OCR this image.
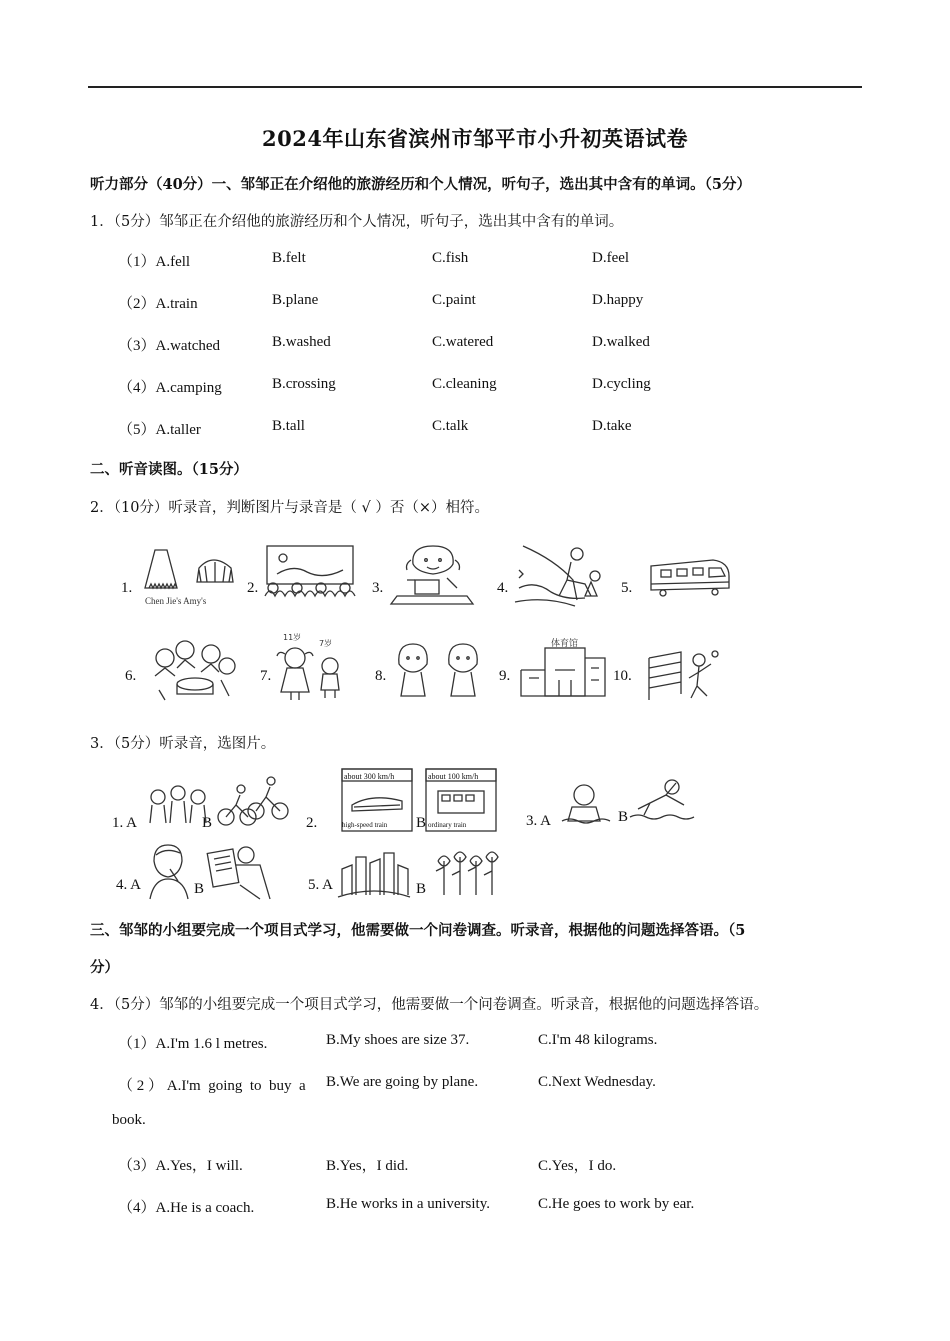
2024年山东省滨州市邹平市小升初英语试卷
听力部分（40分）一、邹邹正在介绍他的旅游经历和个人情况，听句子，选出其中含有的单词。（5分）
1．（5分）邹邹正在介绍他的旅游经历和个人情况，听句子，选出其中含有的单词。
（1）A.fell	B.felt	C.fish	D.feel
（2）A.train	B.plane	C.paint	D.happy
（3）A.watched	B.washed	C.watered	D.walked
（4）A.camping	B.crossing	C.cleaning	D.cycling
（5）A.taller	B.tall	C.talk	D.take
二、听音读图。（15分）
2．（10分）听录音，判断图片与录音是（ √ ）否（×）相符。
1.	2.	3.	4.	5.
Chen Jie's Amy's
6.	7.	8.	9.	10.
11岁
7岁	体育馆
3．（5分）听录音，选图片。
1. A	B	2.	B
about 300 km/h
high-speed train
about 100 km/h
ordinary train	3. A	B
4. A	B	5. A	B
三、邹邹的小组要完成一个项目式学习，他需要做一个问卷调查。听录音，根据他的问题选择答语。（5
分）
4．（5分）邹邹的小组要完成一个项目式学习，他需要做一个问卷调查。听录音，根据他的问题选择答语。
（1）A.I'm 1.6 l metres.	B.My shoes are size 37.	C.I'm 48 kilograms.
（ 2 ） A.I'm  going  to  buy  a B.We are going by plane.	C.Next Wednesday.
book.
（3）A.Yes，I will.	B.Yes，I did.	C.Yes，I do.
（4）A.He is a coach.	B.He works in a university.	C.He goes to work by ear.
